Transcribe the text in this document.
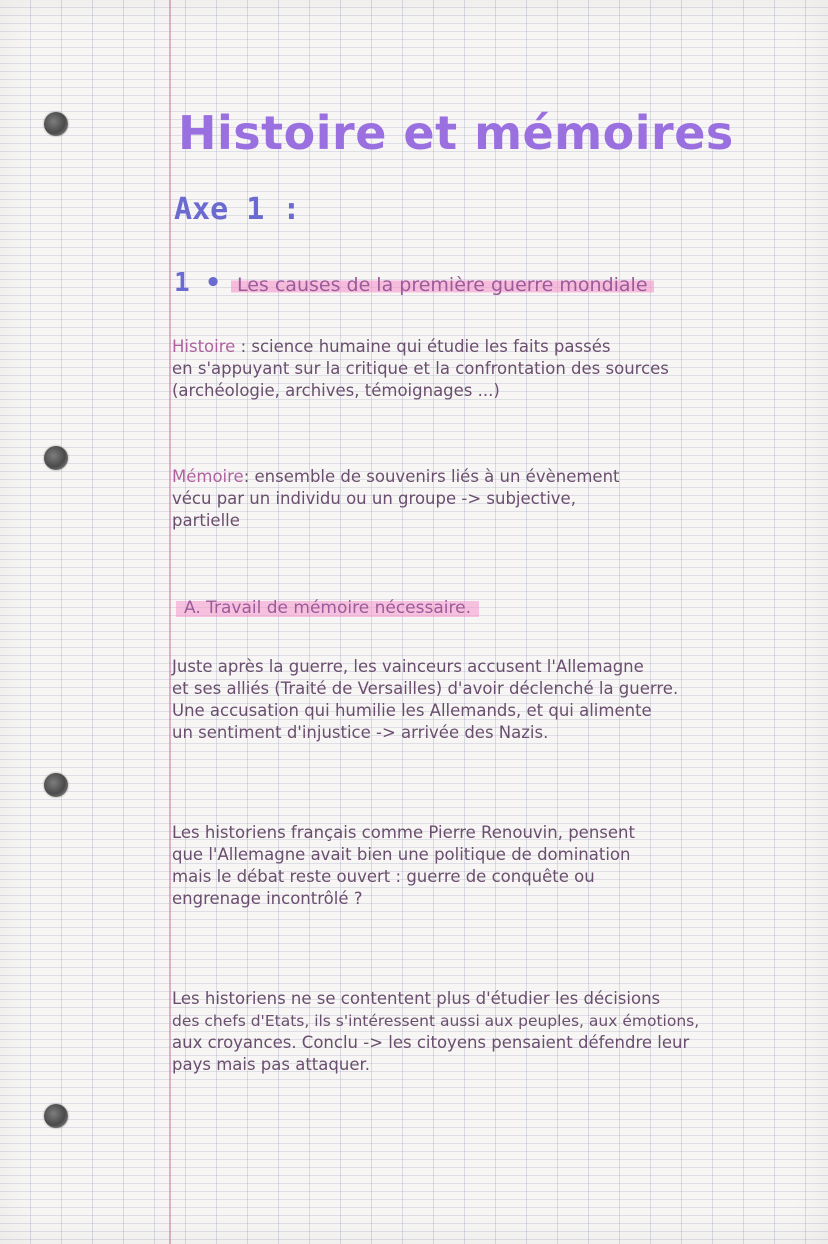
Histoire et mémoires
Axe 1 :
1 • Les causes de la première guerre mondiale

Histoire : science humaine qui étudie les faits passés
en s'appuyant sur la critique et la confrontation des sources
(archéologie, archives, témoignages ...)

Mémoire: ensemble de souvenirs liés à un évènement
vécu par un individu ou un groupe -> subjective,
partielle

A. Travail de mémoire nécessaire.

Juste après la guerre, les vainceurs accusent l'Allemagne
et ses alliés (Traité de Versailles) d'avoir déclenché la guerre.
Une accusation qui humilie les Allemands, et qui alimente
un sentiment d'injustice -> arrivée des Nazis.

Les historiens français comme Pierre Renouvin, pensent
que l'Allemagne avait bien une politique de domination
mais le débat reste ouvert : guerre de conquête ou
engrenage incontrôlé ?

Les historiens ne se contentent plus d'étudier les décisions
des chefs d'Etats, ils s'intéressent aussi aux peuples, aux émotions,
aux croyances. Conclu -> les citoyens pensaient défendre leur
pays mais pas attaquer.
